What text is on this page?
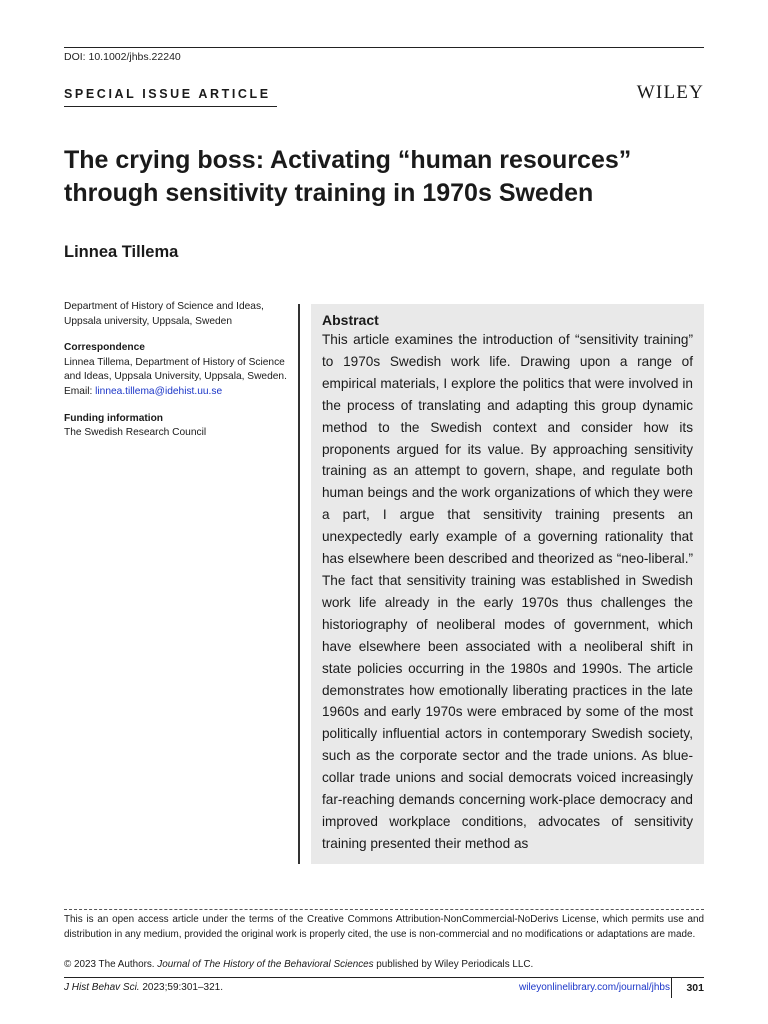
DOI: 10.1002/jhbs.22240
SPECIAL ISSUE ARTICLE	WILEY
The crying boss: Activating “human resources” through sensitivity training in 1970s Sweden
Linnea Tillema

Department of History of Science and Ideas, Uppsala university, Uppsala, Sweden

Correspondence

Linnea Tillema, Department of History of Science and Ideas, Uppsala University, Uppsala, Sweden.

Email: linnea.tillema@idehist.uu.se

Funding information

The Swedish Research Council

Abstract

This article examines the introduction of “sensitivity training” to 1970s Swedish work life. Drawing upon a range of empirical materials, I explore the politics that were involved in the process of translating and adapting this group dynamic method to the Swedish context and consider how its proponents argued for its value. By approaching sensitivity training as an attempt to govern, shape, and regulate both human beings and the work organizations of which they were a part, I argue that sensitivity training presents an unexpectedly early example of a governing rationality that has elsewhere been described and theorized as “neo-liberal.” The fact that sensitivity training was established in Swedish work life already in the early 1970s thus challenges the historiography of neoliberal modes of government, which have elsewhere been associated with a neoliberal shift in state policies occurring in the 1980s and 1990s. The article demonstrates how emotionally liberating practices in the late 1960s and early 1970s were embraced by some of the most politically influential actors in contemporary Swedish society, such as the corporate sector and the trade unions. As blue-collar trade unions and social democrats voiced increasingly far-reaching demands concerning work-place democracy and improved workplace conditions, advocates of sensitivity training presented their method as

This is an open access article under the terms of the Creative Commons Attribution-NonCommercial-NoDerivs License, which permits use and distribution in any medium, provided the original work is properly cited, the use is non-commercial and no modifications or adaptations are made.

© 2023 The Authors. Journal of The History of the Behavioral Sciences published by Wiley Periodicals LLC.

J Hist Behav Sci. 2023;59:301–321.	wileyonlinelibrary.com/journal/jhbs 301
